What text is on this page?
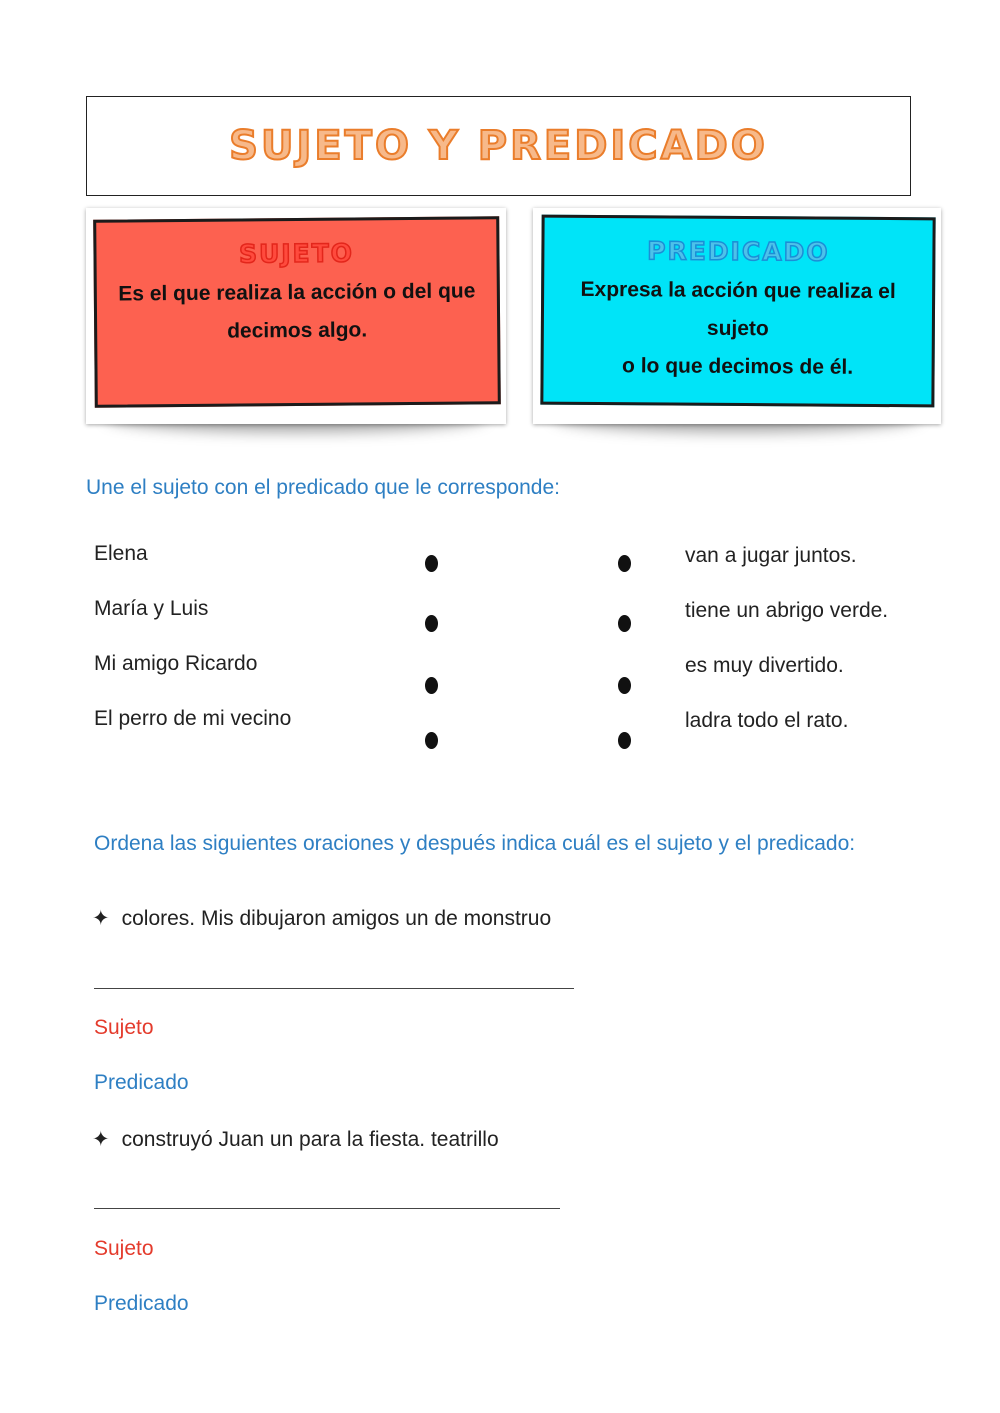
SUJETO Y PREDICADO
SUJETO
Es el que realiza la acción o del que
decimos algo.
PREDICADO
Expresa la acción que realiza el sujeto
o lo que decimos de él.
Une el sujeto con el predicado que le corresponde:
Elena
María y Luis
Mi amigo Ricardo
El perro de mi vecino
van a jugar juntos.
tiene un abrigo verde.
es muy divertido.
ladra todo el rato.
Ordena las siguientes oraciones y después indica cuál es el sujeto y el predicado:
✦ colores. Mis dibujaron amigos un de monstruo
Sujeto
Predicado
✦ construyó Juan un para la fiesta. teatrillo
Sujeto
Predicado
